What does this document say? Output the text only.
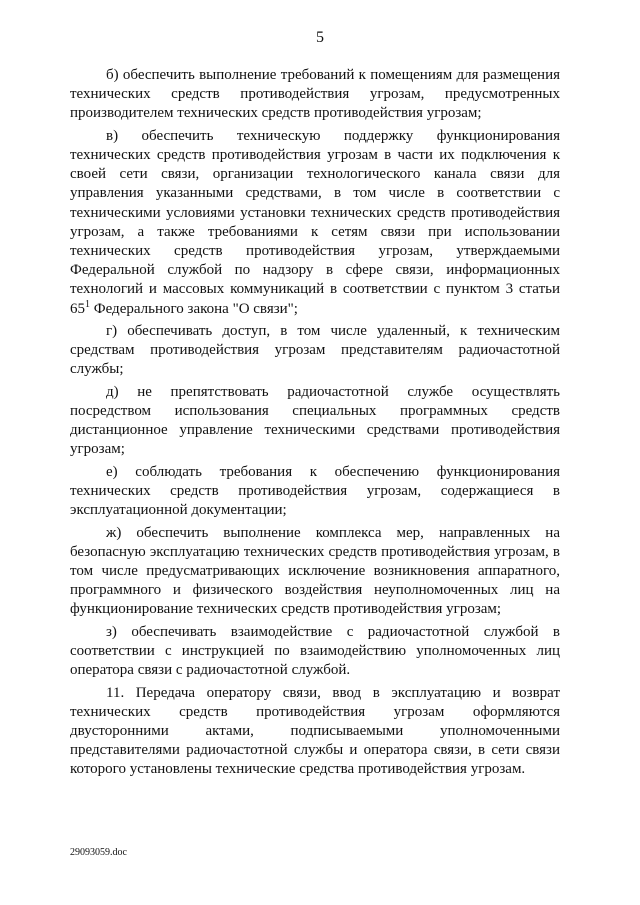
5

б) обеспечить выполнение требований к помещениям для размещения технических средств противодействия угрозам, предусмотренных производителем технических средств противодействия угрозам;

в) обеспечить техническую поддержку функционирования технических средств противодействия угрозам в части их подключения к своей сети связи, организации технологического канала связи для управления указанными средствами, в том числе в соответствии с техническими условиями установки технических средств противодействия угрозам, а также требованиями к сетям связи при использовании технических средств противодействия угрозам, утверждаемыми Федеральной службой по надзору в сфере связи, информационных технологий и массовых коммуникаций в соответствии с пунктом 3 статьи $65^1$ Федерального закона "О связи";

г) обеспечивать доступ, в том числе удаленный, к техническим средствам противодействия угрозам представителям радиочастотной службы;

д) не препятствовать радиочастотной службе осуществлять посредством использования специальных программных средств дистанционное управление техническими средствами противодействия угрозам;

е) соблюдать требования к обеспечению функционирования технических средств противодействия угрозам, содержащиеся в эксплуатационной документации;

ж) обеспечить выполнение комплекса мер, направленных на безопасную эксплуатацию технических средств противодействия угрозам, в том числе предусматривающих исключение возникновения аппаратного, программного и физического воздействия неуполномоченных лиц на функционирование технических средств противодействия угрозам;

з) обеспечивать взаимодействие с радиочастотной службой в соответствии с инструкцией по взаимодействию уполномоченных лиц оператора связи с радиочастотной службой.

11. Передача оператору связи, ввод в эксплуатацию и возврат технических средств противодействия угрозам оформляются двусторонними актами, подписываемыми уполномоченными представителями радиочастотной службы и оператора связи, в сети связи которого установлены технические средства противодействия угрозам.

29093059.doc
